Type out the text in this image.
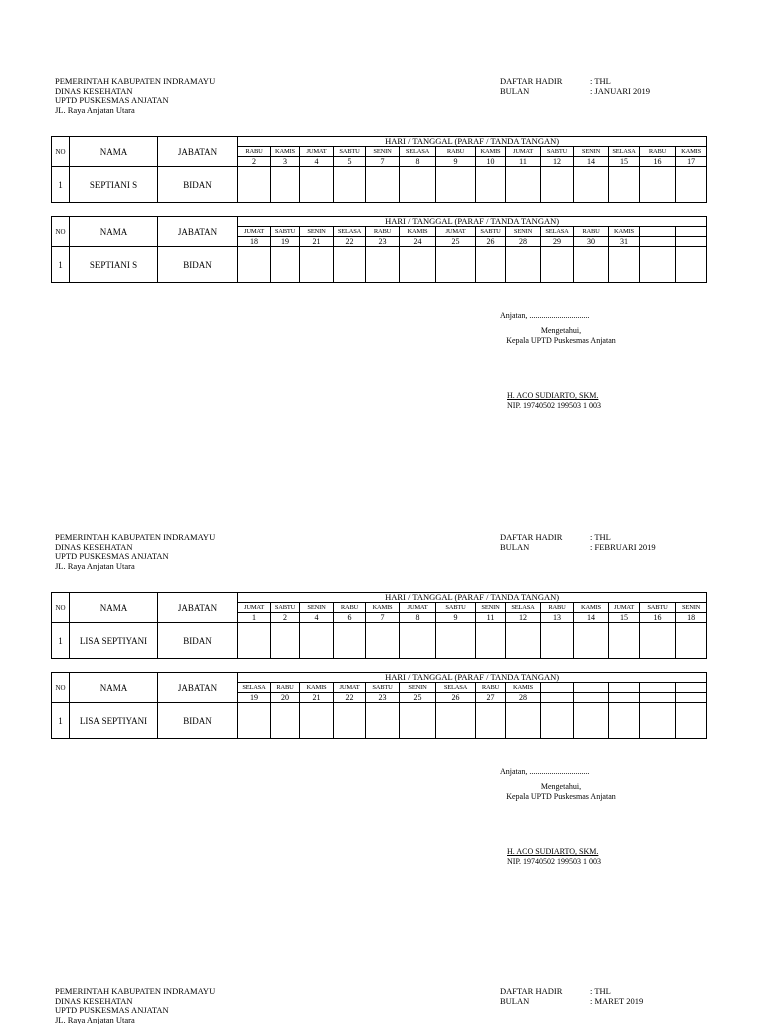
PEMERINTAH KABUPATEN INDRAMAYU
DINAS KESEHATAN
UPTD PUSKESMAS ANJATAN
JL. Raya Anjatan Utara
DAFTAR HADIR	: THL
BULAN	: JANUARI 2019
NO	NAMA	JABATAN	HARI / TANGGAL (PARAF / TANDA TANGAN)													
			RABU	KAMIS	JUMAT	SABTU	SENIN	SELASA	RABU	KAMIS	JUMAT	SABTU	SENIN	SELASA	RABU	KAMIS
			2	3	4	5	7	8	9	10	11	12	14	15	16	17
1	SEPTIANI S	BIDAN														
NO	NAMA	JABATAN	HARI / TANGGAL (PARAF / TANDA TANGAN)													
			JUMAT	SABTU	SENIN	SELASA	RABU	KAMIS	JUMAT	SABTU	SENIN	SELASA	RABU	KAMIS		
			18	19	21	22	23	24	25	26	28	29	30	31		
1	SEPTIANI S	BIDAN														
Anjatan, ..............................
Mengetahui,
Kepala UPTD Puskesmas Anjatan
H. ACO SUDIARTO, SKM.
NIP. 19740502 199503 1 003
PEMERINTAH KABUPATEN INDRAMAYU
DINAS KESEHATAN
UPTD PUSKESMAS ANJATAN
JL. Raya Anjatan Utara
DAFTAR HADIR	: THL
BULAN	: FEBRUARI 2019
NO	NAMA	JABATAN	HARI / TANGGAL (PARAF / TANDA TANGAN)													
			JUMAT	SABTU	SENIN	RABU	KAMIS	JUMAT	SABTU	SENIN	SELASA	RABU	KAMIS	JUMAT	SABTU	SENIN
			1	2	4	6	7	8	9	11	12	13	14	15	16	18
1	LISA SEPTIYANI	BIDAN														
NO	NAMA	JABATAN	HARI / TANGGAL (PARAF / TANDA TANGAN)													
			SELASA	RABU	KAMIS	JUMAT	SABTU	SENIN	SELASA	RABU	KAMIS					
			19	20	21	22	23	25	26	27	28					
1	LISA SEPTIYANI	BIDAN														
Anjatan, ..............................
Mengetahui,
Kepala UPTD Puskesmas Anjatan
H. ACO SUDIARTO, SKM.
NIP. 19740502 199503 1 003
PEMERINTAH KABUPATEN INDRAMAYU
DINAS KESEHATAN
UPTD PUSKESMAS ANJATAN
JL. Raya Anjatan Utara
DAFTAR HADIR	: THL
BULAN	: MARET 2019
